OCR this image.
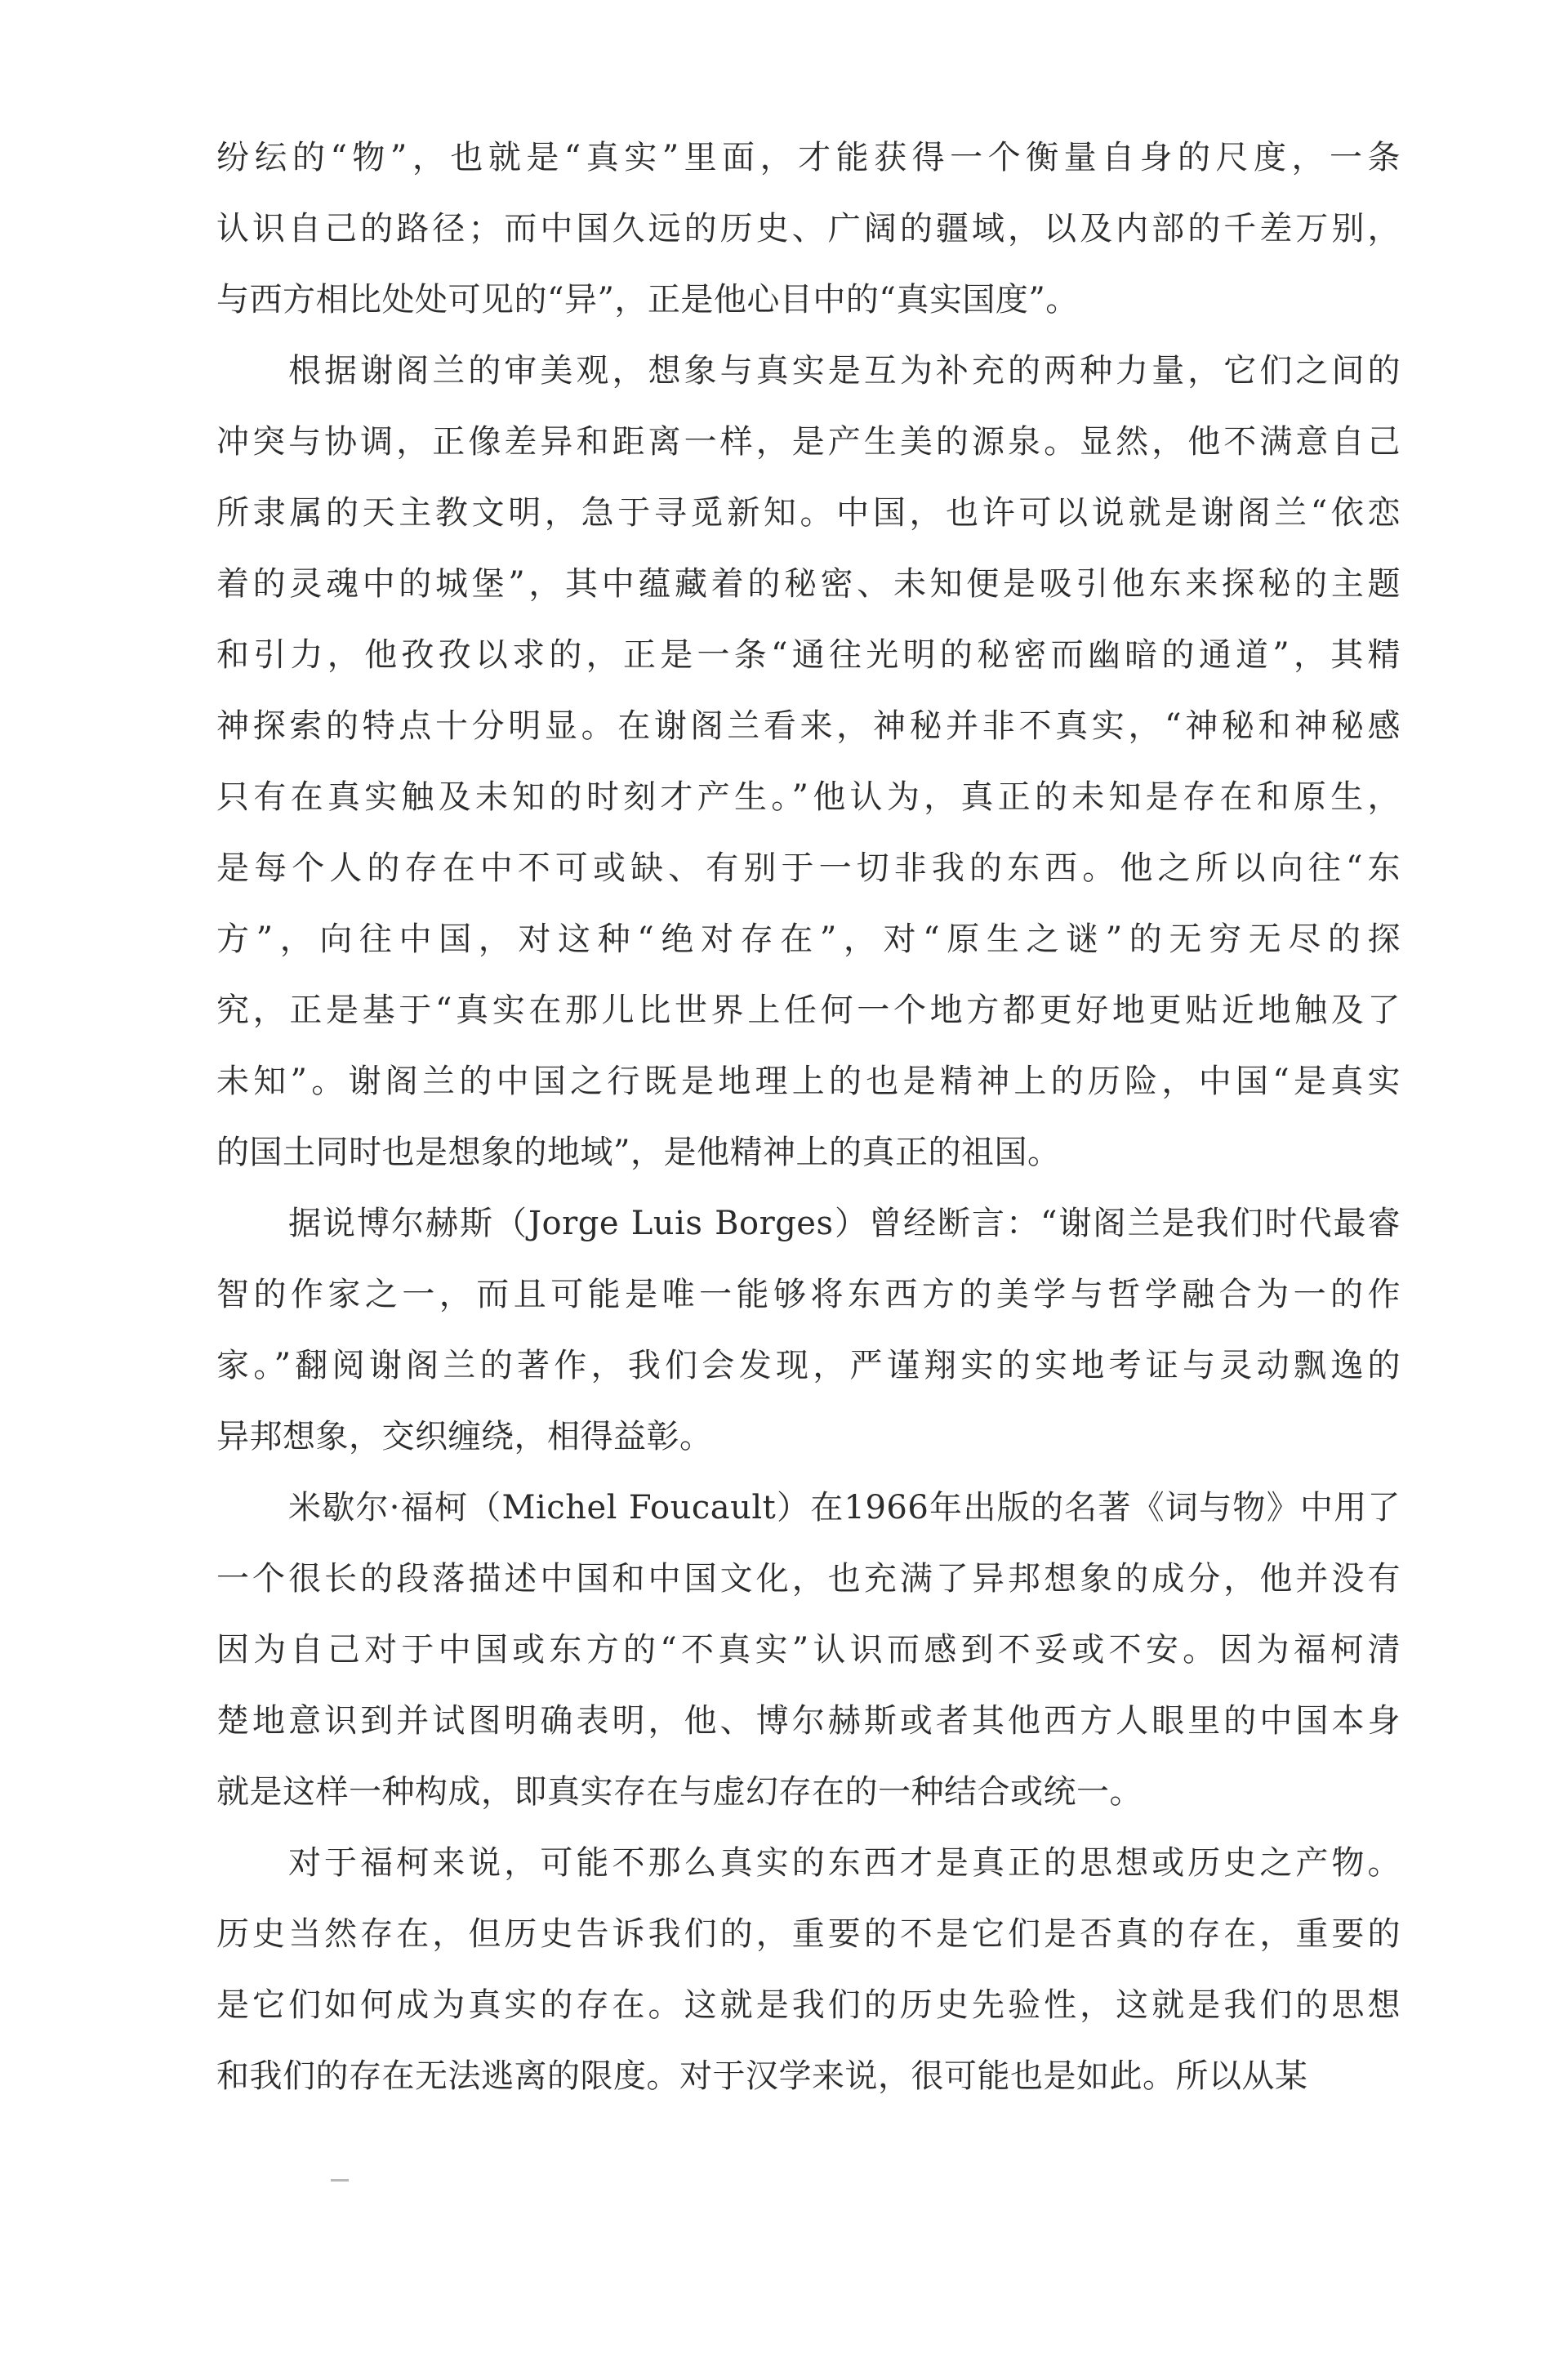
纷纭的“物”，也就是“真实”里面，才能获得一个衡量自身的尺度，一条
认识自己的路径；而中国久远的历史、广阔的疆域，以及内部的千差万别，
与西方相比处处可见的“异”，正是他心目中的“真实国度”。
根据谢阁兰的审美观，想象与真实是互为补充的两种力量，它们之间的
冲突与协调，正像差异和距离一样，是产生美的源泉。显然，他不满意自己
所隶属的天主教文明，急于寻觅新知。中国，也许可以说就是谢阁兰“依恋
着的灵魂中的城堡”，其中蕴藏着的秘密、未知便是吸引他东来探秘的主题
和引力，他孜孜以求的，正是一条“通往光明的秘密而幽暗的通道”，其精
神探索的特点十分明显。在谢阁兰看来，神秘并非不真实，“神秘和神秘感
只有在真实触及未知的时刻才产生。”他认为，真正的未知是存在和原生，
是每个人的存在中不可或缺、有别于一切非我的东西。他之所以向往“东
方”，向往中国，对这种“绝对存在”，对“原生之谜”的无穷无尽的探
究，正是基于“真实在那儿比世界上任何一个地方都更好地更贴近地触及了
未知”。谢阁兰的中国之行既是地理上的也是精神上的历险，中国“是真实
的国土同时也是想象的地域”，是他精神上的真正的祖国。
据说博尔赫斯（Jorge Luis Borges）曾经断言：“谢阁兰是我们时代最睿
智的作家之一，而且可能是唯一能够将东西方的美学与哲学融合为一的作
家。”翻阅谢阁兰的著作，我们会发现，严谨翔实的实地考证与灵动飘逸的
异邦想象，交织缠绕，相得益彰。
米歇尔·福柯（Michel Foucault）在1966年出版的名著《词与物》中用了
一个很长的段落描述中国和中国文化，也充满了异邦想象的成分，他并没有
因为自己对于中国或东方的“不真实”认识而感到不妥或不安。因为福柯清
楚地意识到并试图明确表明，他、博尔赫斯或者其他西方人眼里的中国本身
就是这样一种构成，即真实存在与虚幻存在的一种结合或统一。
对于福柯来说，可能不那么真实的东西才是真正的思想或历史之产物。
历史当然存在，但历史告诉我们的，重要的不是它们是否真的存在，重要的
是它们如何成为真实的存在。这就是我们的历史先验性，这就是我们的思想
和我们的存在无法逃离的限度。对于汉学来说，很可能也是如此。所以从某
